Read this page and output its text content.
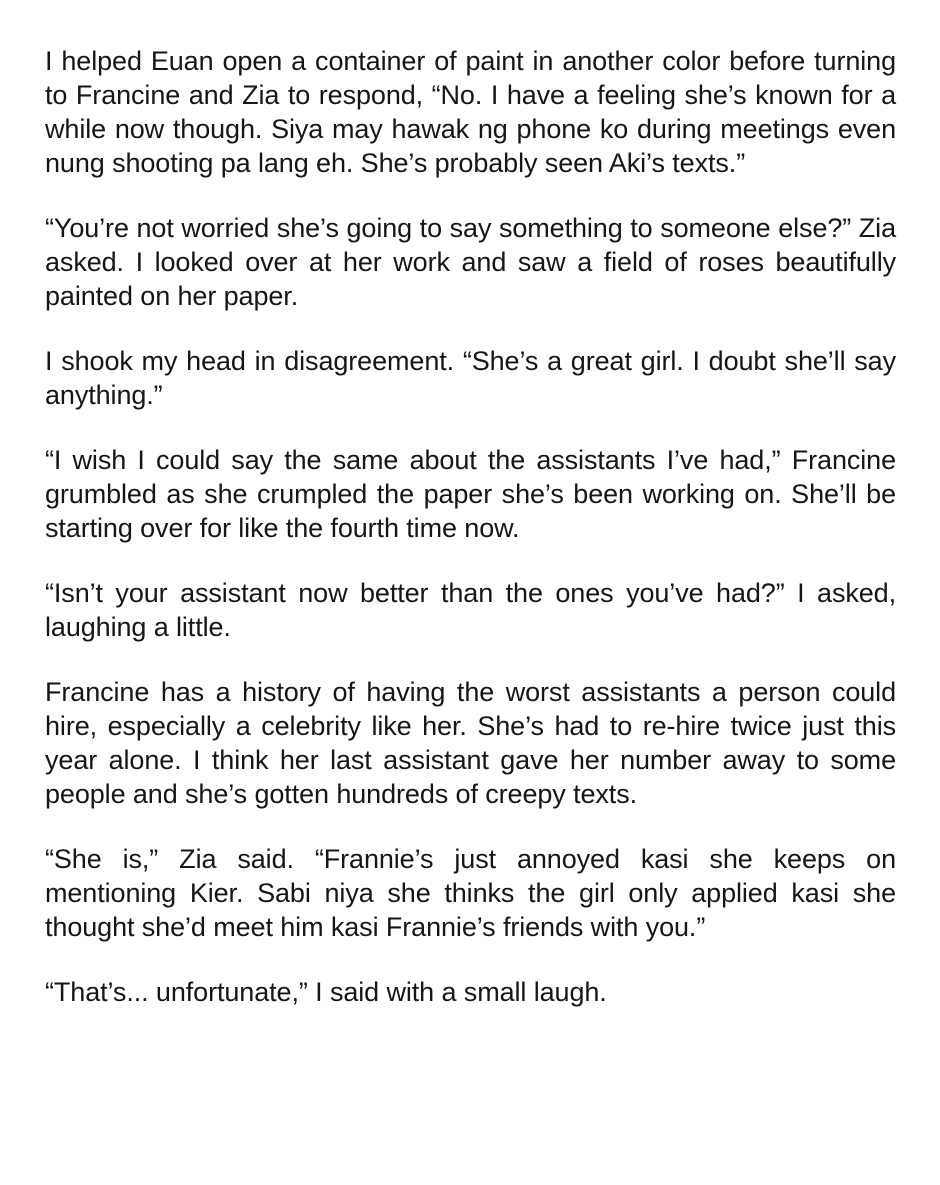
I helped Euan open a container of paint in another color before turning to Francine and Zia to respond, “No. I have a feeling she’s known for a while now though. Siya may hawak ng phone ko during meetings even nung shooting pa lang eh. She’s probably seen Aki’s texts.”

“You’re not worried she’s going to say something to someone else?” Zia asked. I looked over at her work and saw a field of roses beautifully painted on her paper.

I shook my head in disagreement. “She’s a great girl. I doubt she’ll say anything.”

“I wish I could say the same about the assistants I’ve had,” Francine grumbled as she crumpled the paper she’s been working on. She’ll be starting over for like the fourth time now.

“Isn’t your assistant now better than the ones you’ve had?” I asked, laughing a little.

Francine has a history of having the worst assistants a person could hire, especially a celebrity like her. She’s had to re-hire twice just this year alone. I think her last assistant gave her number away to some people and she’s gotten hundreds of creepy texts.

“She is,” Zia said. “Frannie’s just annoyed kasi she keeps on mentioning Kier. Sabi niya she thinks the girl only applied kasi she thought she’d meet him kasi Frannie’s friends with you.”

“That’s... unfortunate,” I said with a small laugh.
